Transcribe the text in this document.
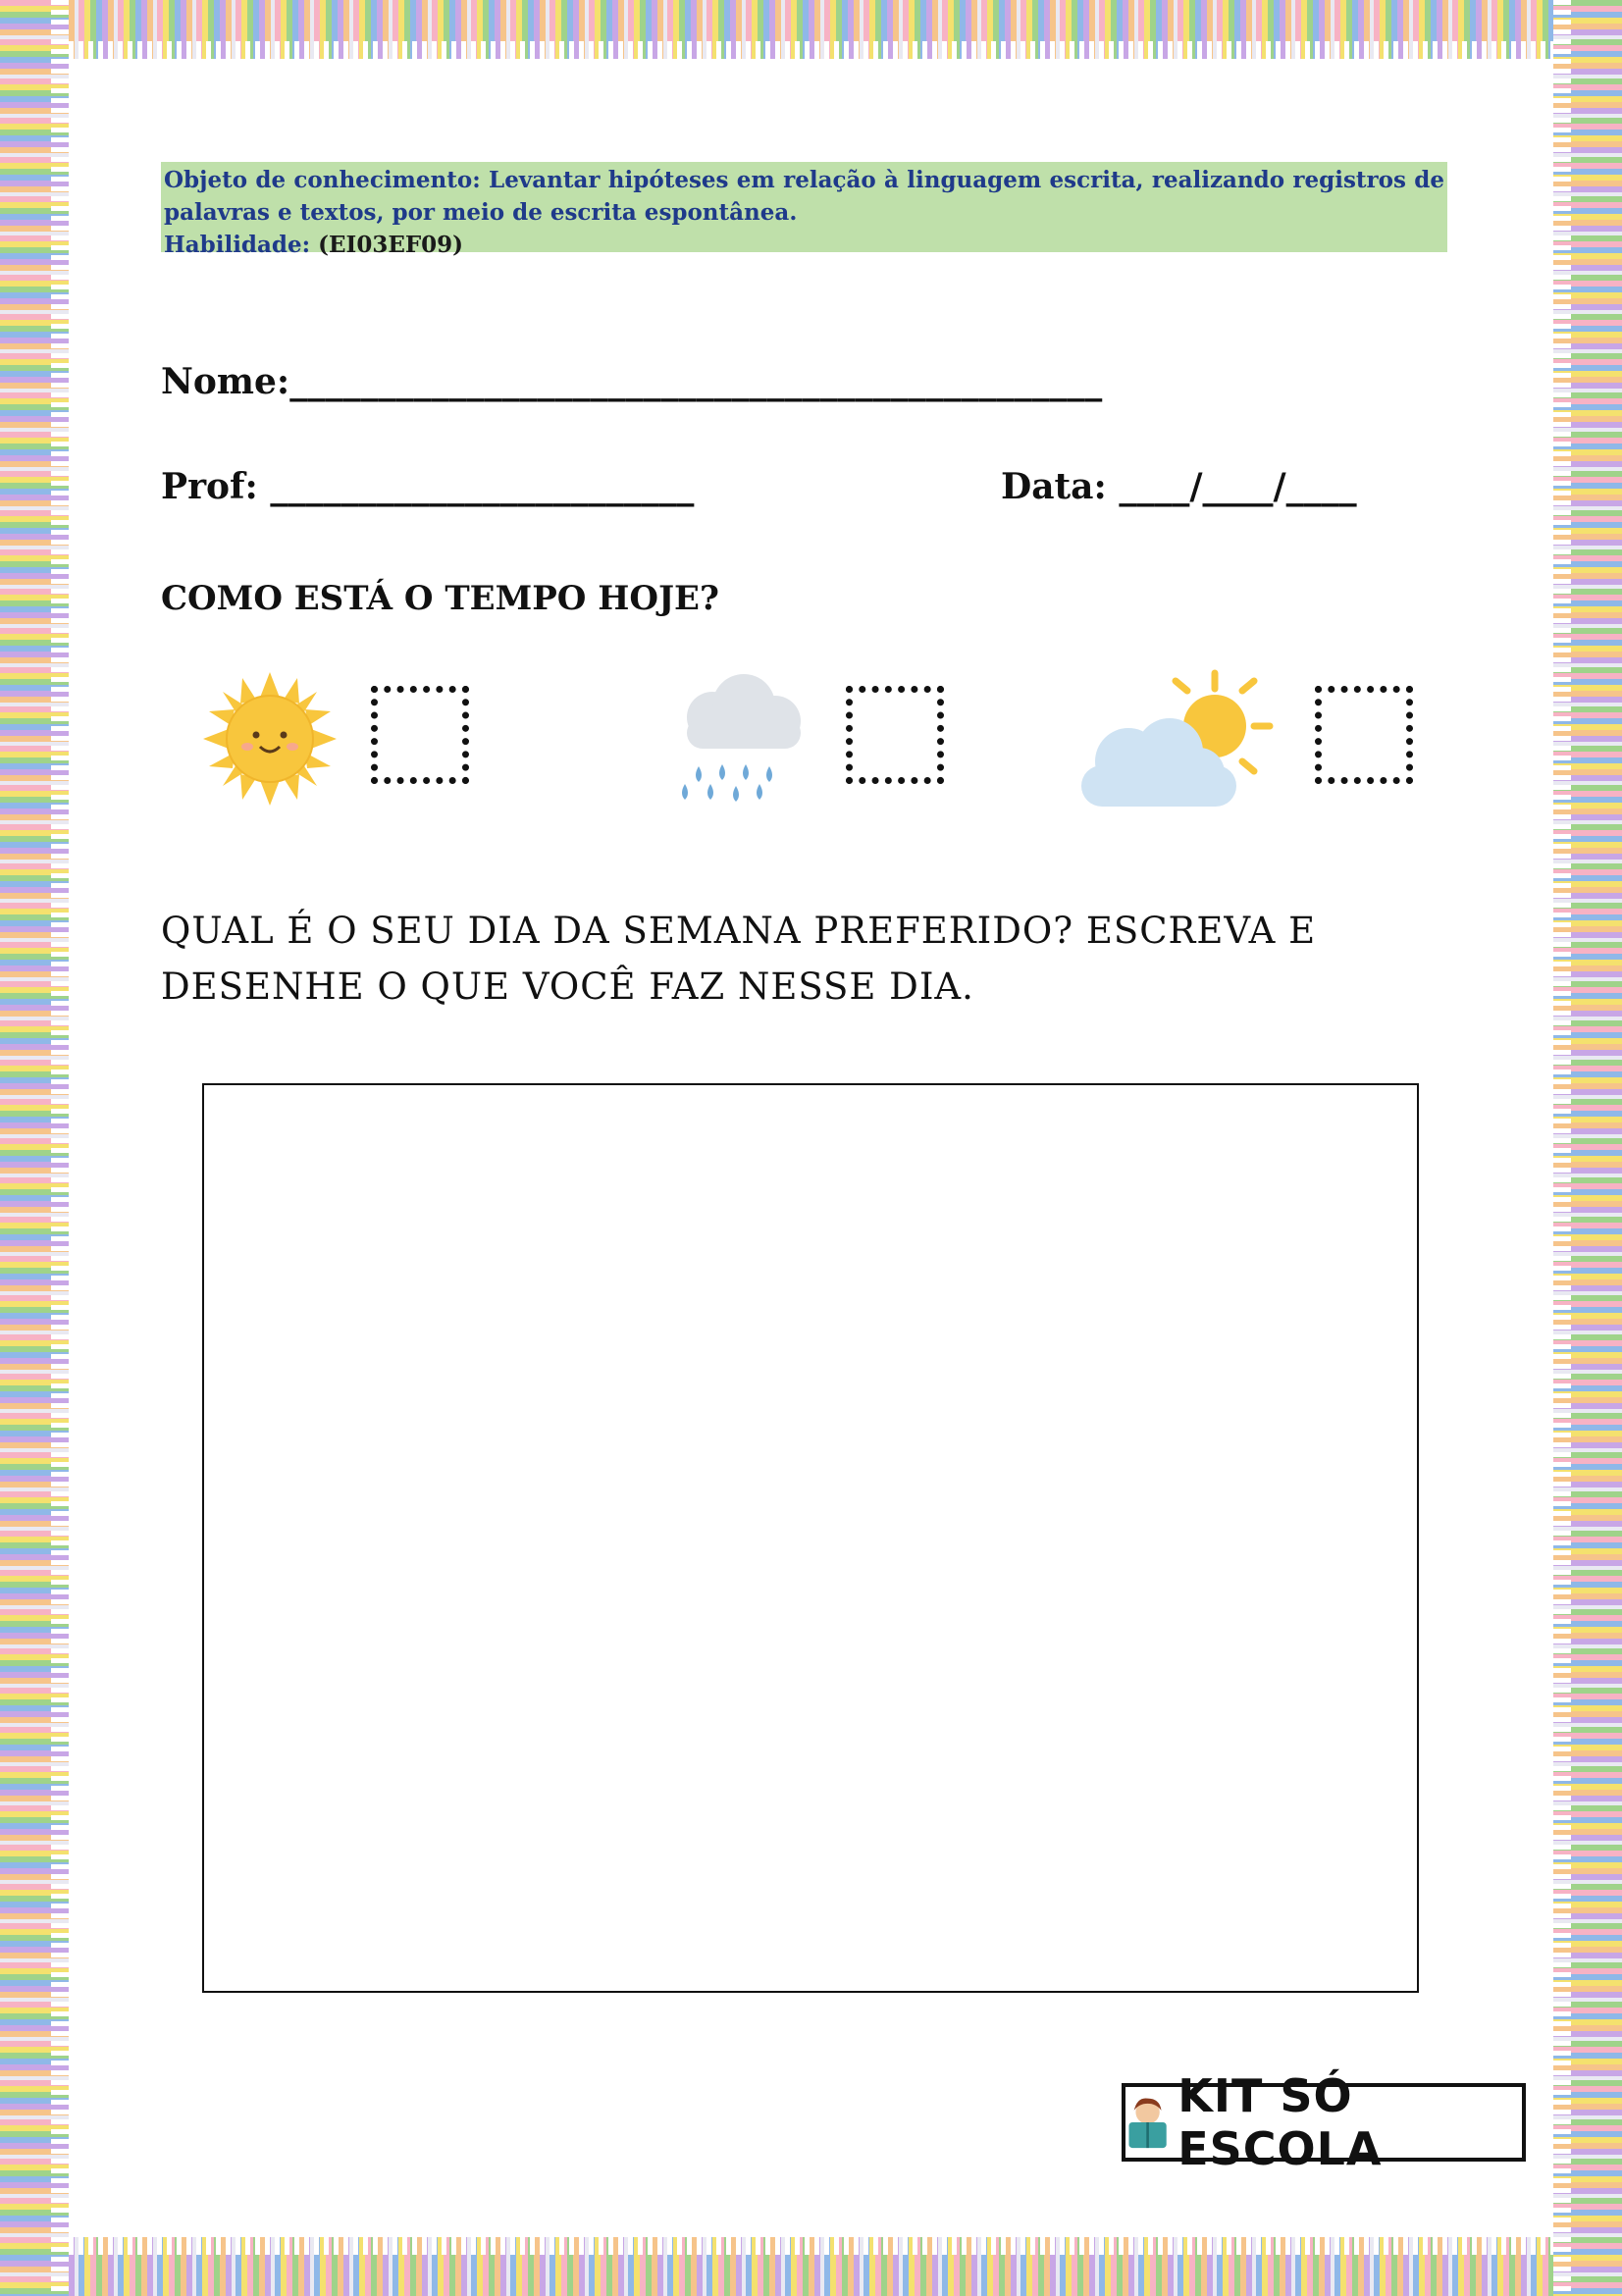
Objeto de conhecimento: Levantar hipóteses em relação à linguagem escrita, realizando registros de palavras e textos, por meio de escrita espontânea.
Habilidade: (EI03EF09)
Nome:______________________________________________
Prof: ________________________	Data: ____/____/____
COMO ESTÁ O TEMPO HOJE?
QUAL É O SEU DIA DA SEMANA PREFERIDO? ESCREVA E DESENHE O QUE VOCÊ FAZ NESSE DIA.
KIT SÓ ESCOLA
